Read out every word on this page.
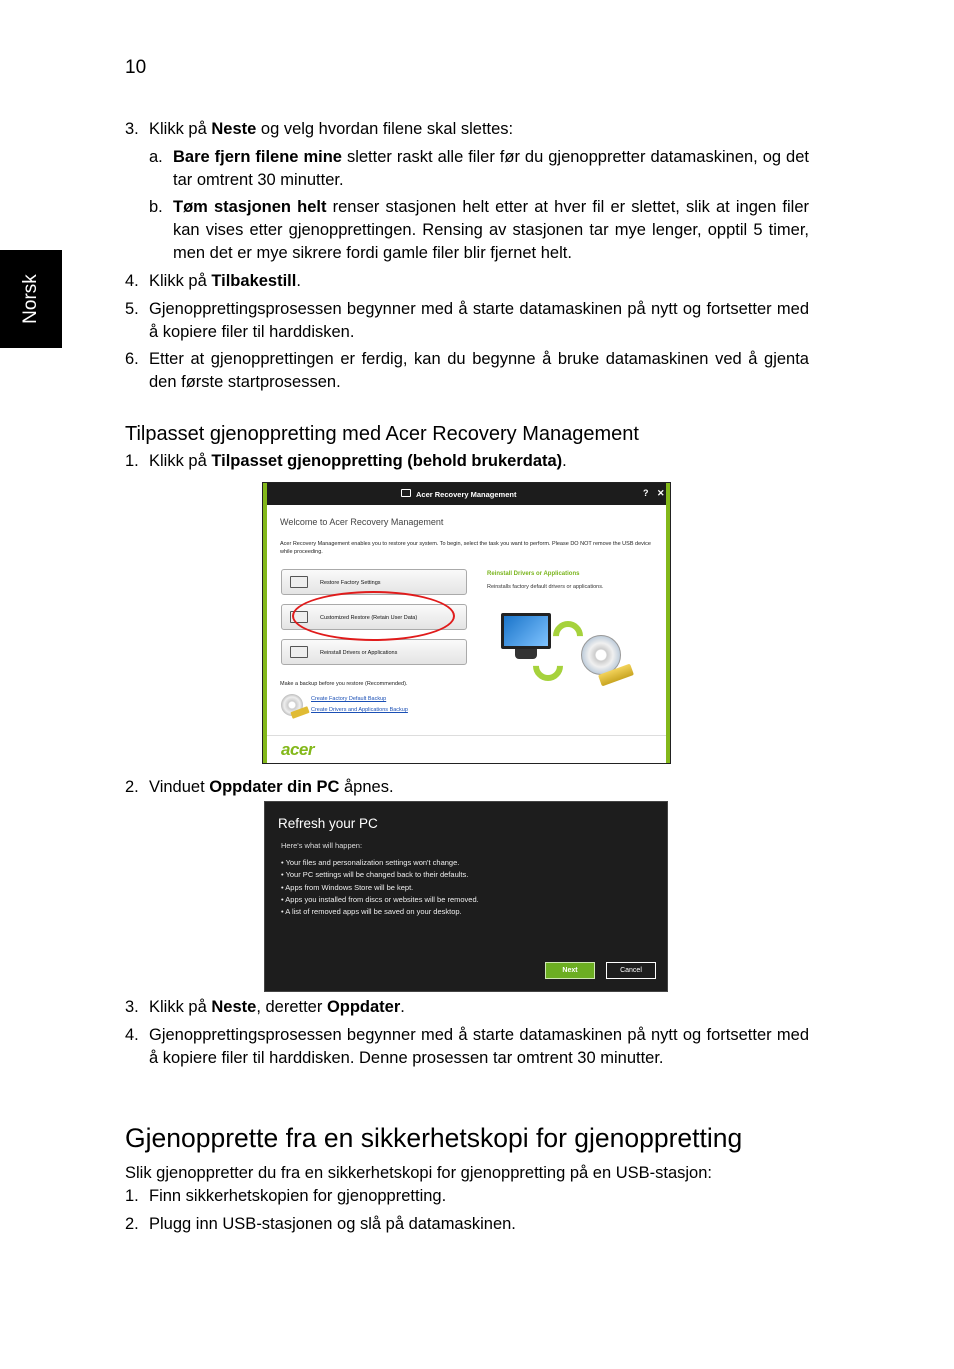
10
Norsk
3. Klikk på Neste og velg hvordan filene skal slettes:
a. Bare fjern filene mine sletter raskt alle filer før du gjenoppretter datamaskinen, og det tar omtrent 30 minutter.
b. Tøm stasjonen helt renser stasjonen helt etter at hver fil er slettet, slik at ingen filer kan vises etter gjenopprettingen. Rensing av stasjonen tar mye lenger, opptil 5 timer, men det er mye sikrere fordi gamle filer blir fjernet helt.
4. Klikk på Tilbakestill.
5. Gjenopprettingsprosessen begynner med å starte datamaskinen på nytt og fortsetter med å kopiere filer til harddisken.
6. Etter at gjenopprettingen er ferdig, kan du begynne å bruke datamaskinen ved å gjenta den første startprosessen.
Tilpasset gjenoppretting med Acer Recovery Management
1. Klikk på Tilpasset gjenoppretting (behold brukerdata).
Acer Recovery Management	? ✕
Welcome to Acer Recovery Management
Acer Recovery Management enables you to restore your system. To begin, select the task you want to perform. Please DO NOT remove the USB device while proceeding.
Restore Factory Settings
Customized Restore (Retain User Data)
Reinstall Drivers or Applications
Reinstall Drivers or Applications
Reinstalls factory default drivers or applications.
Make a backup before you restore (Recommended).
Create Factory Default Backup
Create Drivers and Applications Backup
acer
2. Vinduet Oppdater din PC åpnes.
Refresh your PC
Here's what will happen:
• Your files and personalization settings won't change.
• Your PC settings will be changed back to their defaults.
• Apps from Windows Store will be kept.
• Apps you installed from discs or websites will be removed.
• A list of removed apps will be saved on your desktop.
Next	Cancel
3. Klikk på Neste, deretter Oppdater.
4. Gjenopprettingsprosessen begynner med å starte datamaskinen på nytt og fortsetter med å kopiere filer til harddisken. Denne prosessen tar omtrent 30 minutter.
Gjenopprette fra en sikkerhetskopi for gjenoppretting
Slik gjenoppretter du fra en sikkerhetskopi for gjenoppretting på en USB-stasjon:
1. Finn sikkerhetskopien for gjenoppretting.
2. Plugg inn USB-stasjonen og slå på datamaskinen.
